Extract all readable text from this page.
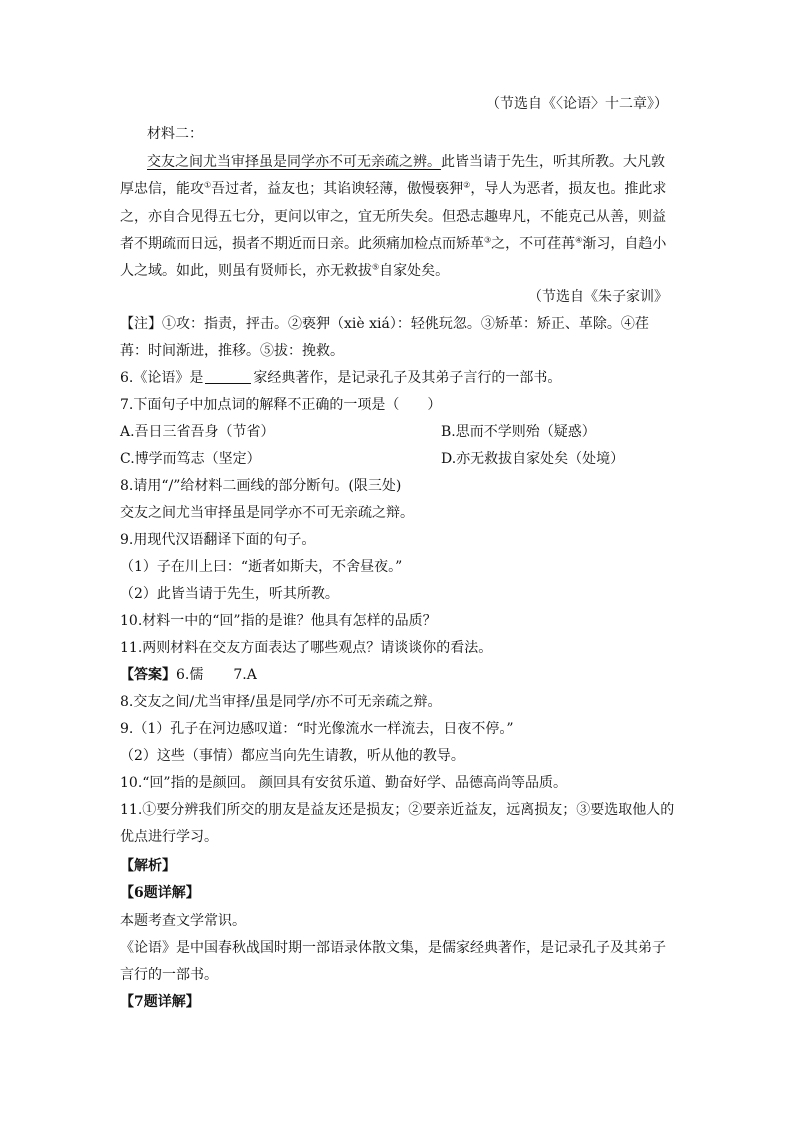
（节选自《〈论语〉十二章》）
材料二：
交友之间尤当审择虽是同学亦不可无亲疏之辨。此皆当请于先生，听其所教。大凡敦
厚忠信，能攻①吾过者，益友也；其谄谀轻薄，傲慢亵狎②，导人为恶者，损友也。推此求
之，亦自合见得五七分，更问以审之，宜无所失矣。但恐志趣卑凡，不能克己从善，则益
者不期疏而日远，损者不期近而日亲。此须痛加检点而矫革③之，不可荏苒④渐习，自趋小
人之域。如此，则虽有贤师长，亦无救拔⑤自家处矣。
（节选自《朱子家训》
【注】①攻：指责，抨击。②亵狎（xiè xiá）：轻佻玩忽。③矫革：矫正、革除。④荏
苒：时间渐进，推移。⑤拔：挽救。
6.《论语》是	家经典著作，是记录孔子及其弟子言行的一部书。
7.下面句子中加点词的解释不正确的一项是（　　）
A.吾日三省吾身（节省）	B.思而不学则殆（疑惑）
C.博学而笃志（坚定）	D.亦无救拔自家处矣（处境）
8.请用“/”给材料二画线的部分断句。(限三处)
交友之间尤当审择虽是同学亦不可无亲疏之辩。
9.用现代汉语翻译下面的句子。
（1）子在川上曰：“逝者如斯夫，不舍昼夜。”
（2）此皆当请于先生，听其所教。
10.材料一中的“回”指的是谁？他具有怎样的品质？
11.两则材料在交友方面表达了哪些观点？请谈谈你的看法。
【答案】6.儒 7.A
8.交友之间/尤当审择/虽是同学/亦不可无亲疏之辩。
9.（1）孔子在河边感叹道：“时光像流水一样流去，日夜不停。”
（2）这些（事情）都应当向先生请教，听从他的教导。
10.“回”指的是颜回。 颜回具有安贫乐道、勤奋好学、品德高尚等品质。
11.①要分辨我们所交的朋友是益友还是损友；②要亲近益友，远离损友；③要选取他人的
优点进行学习。
【解析】
【6题详解】
本题考查文学常识。
《论语》是中国春秋战国时期一部语录体散文集，是儒家经典著作，是记录孔子及其弟子
言行的一部书。
【7题详解】
